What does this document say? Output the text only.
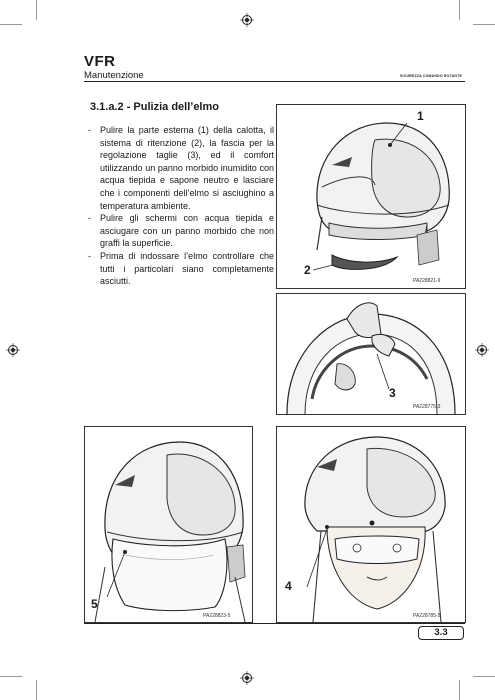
VFR
Manutenzione	SICUREZZA COMANDO ROTANTE
3.1.a.2 - Pulizia dell’elmo
- Pulire la parte esterna (1) della calotta, il sistema di ritenzione (2), la fascia per la regolazione taglie (3), ed il comfort utilizzando un panno morbido inumidito con acqua tiepida e sapone neutro e lasciare che i componenti dell’elmo si asciughino a temperatura ambiente.
- Pulire gli schermi con acqua tiepida e asciugare con un panno morbido che non graffi la superficie.
- Prima di indossare l’elmo controllare che tutti i particolari siano completamente asciutti.
1
2
PA228821-9
3
PA228775-3
5
PA228823-5
4
PA228785-5
3.3
